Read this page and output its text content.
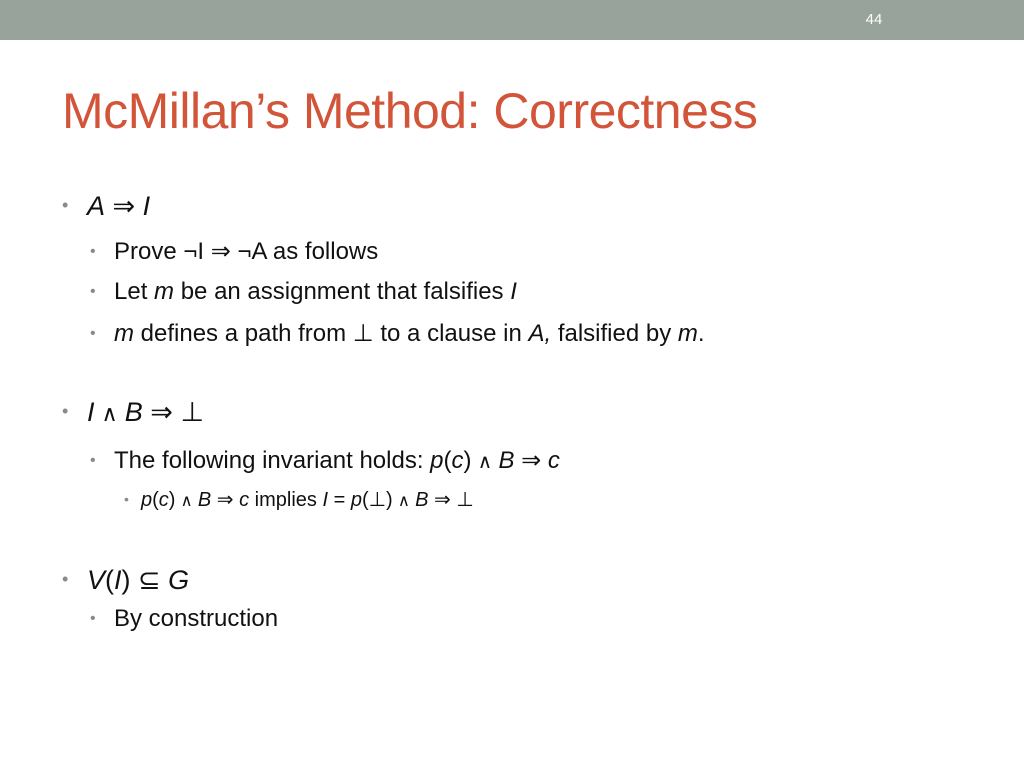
44
McMillan’s Method: Correctness
• A ⇒ I
• Prove ¬I ⇒ ¬A as follows
• Let m be an assignment that falsifies I
• m defines a path from ⊥ to a clause in A, falsified by m.
• I ∧ B ⇒ ⊥
• The following invariant holds: p(c) ∧ B ⇒ c
• p(c) ∧ B ⇒ c implies I = p(⊥) ∧ B ⇒ ⊥
• V(I) ⊆ G
• By construction
